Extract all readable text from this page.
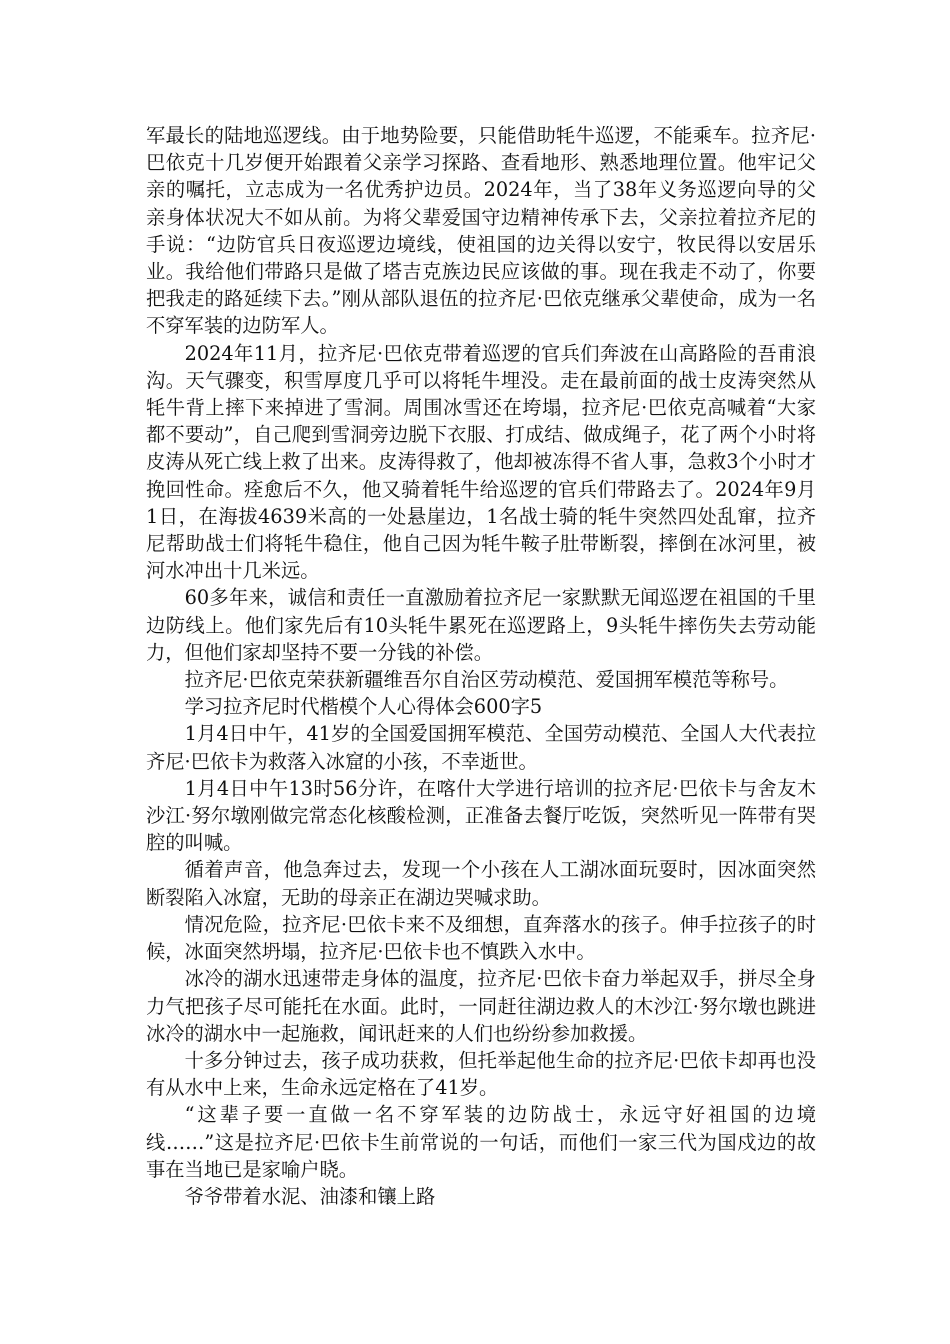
军最长的陆地巡逻线。由于地势险要，只能借助牦牛巡逻，不能乘车。拉齐尼·巴依克十几岁便开始跟着父亲学习探路、查看地形、熟悉地理位置。他牢记父亲的嘱托，立志成为一名优秀护边员。2024年，当了38年义务巡逻向导的父亲身体状况大不如从前。为将父辈爱国守边精神传承下去，父亲拉着拉齐尼的手说：“边防官兵日夜巡逻边境线，使祖国的边关得以安宁，牧民得以安居乐业。我给他们带路只是做了塔吉克族边民应该做的事。现在我走不动了，你要把我走的路延续下去。”刚从部队退伍的拉齐尼·巴依克继承父辈使命，成为一名不穿军装的边防军人。

2024年11月，拉齐尼·巴依克带着巡逻的官兵们奔波在山高路险的吾甫浪沟。天气骤变，积雪厚度几乎可以将牦牛埋没。走在最前面的战士皮涛突然从牦牛背上摔下来掉进了雪洞。周围冰雪还在垮塌，拉齐尼·巴依克高喊着“大家都不要动”，自己爬到雪洞旁边脱下衣服、打成结、做成绳子，花了两个小时将皮涛从死亡线上救了出来。皮涛得救了，他却被冻得不省人事，急救3个小时才挽回性命。痊愈后不久，他又骑着牦牛给巡逻的官兵们带路去了。2024年9月1日，在海拔4639米高的一处悬崖边，1名战士骑的牦牛突然四处乱窜，拉齐尼帮助战士们将牦牛稳住，他自己因为牦牛鞍子肚带断裂，摔倒在冰河里，被河水冲出十几米远。

60多年来，诚信和责任一直激励着拉齐尼一家默默无闻巡逻在祖国的千里边防线上。他们家先后有10头牦牛累死在巡逻路上，9头牦牛摔伤失去劳动能力，但他们家却坚持不要一分钱的补偿。

拉齐尼·巴依克荣获新疆维吾尔自治区劳动模范、爱国拥军模范等称号。

学习拉齐尼时代楷模个人心得体会600字5

1月4日中午，41岁的全国爱国拥军模范、全国劳动模范、全国人大代表拉齐尼·巴依卡为救落入冰窟的小孩，不幸逝世。

1月4日中午13时56分许，在喀什大学进行培训的拉齐尼·巴依卡与舍友木沙江·努尔墩刚做完常态化核酸检测，正准备去餐厅吃饭，突然听见一阵带有哭腔的叫喊。

循着声音，他急奔过去，发现一个小孩在人工湖冰面玩耍时，因冰面突然断裂陷入冰窟，无助的母亲正在湖边哭喊求助。

情况危险，拉齐尼·巴依卡来不及细想，直奔落水的孩子。伸手拉孩子的时候，冰面突然坍塌，拉齐尼·巴依卡也不慎跌入水中。

冰冷的湖水迅速带走身体的温度，拉齐尼·巴依卡奋力举起双手，拼尽全身力气把孩子尽可能托在水面。此时，一同赶往湖边救人的木沙江·努尔墩也跳进冰冷的湖水中一起施救，闻讯赶来的人们也纷纷参加救援。

十多分钟过去，孩子成功获救，但托举起他生命的拉齐尼·巴依卡却再也没有从水中上来，生命永远定格在了41岁。

“这辈子要一直做一名不穿军装的边防战士，永远守好祖国的边境线……”这是拉齐尼·巴依卡生前常说的一句话，而他们一家三代为国戍边的故事在当地已是家喻户晓。

爷爷带着水泥、油漆和镶上路
